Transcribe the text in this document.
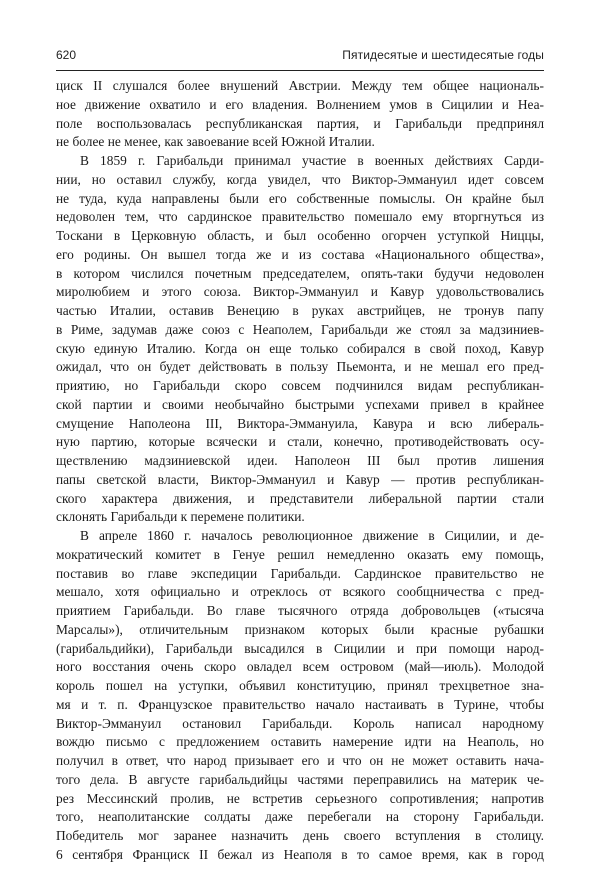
620	Пятидесятые и шестидесятые годы
циск II слушался более внушений Австрии. Между тем общее националь-
ное движение охватило и его владения. Волнением умов в Сицилии и Неа-
поле воспользовалась республиканская партия, и Гарибальди предпринял
не более не менее, как завоевание всей Южной Италии.
В 1859 г. Гарибальди принимал участие в военных действиях Сарди-
нии, но оставил службу, когда увидел, что Виктор-Эммануил идет совсем
не туда, куда направлены были его собственные помыслы. Он крайне был
недоволен тем, что сардинское правительство помешало ему вторгнуться из
Тоскани в Церковную область, и был особенно огорчен уступкой Ниццы,
его родины. Он вышел тогда же и из состава «Национального общества»,
в котором числился почетным председателем, опять-таки будучи недоволен
миролюбием и этого союза. Виктор-Эммануил и Кавур удовольствовались
частью Италии, оставив Венецию в руках австрийцев, не тронув папу
в Риме, задумав даже союз с Неаполем, Гарибальди же стоял за мадзиниев-
скую единую Италию. Когда он еще только собирался в свой поход, Кавур
ожидал, что он будет действовать в пользу Пьемонта, и не мешал его пред-
приятию, но Гарибальди скоро совсем подчинился видам республикан-
ской партии и своими необычайно быстрыми успехами привел в крайнее
смущение Наполеона III, Виктора-Эммануила, Кавура и всю либераль-
ную партию, которые всячески и стали, конечно, противодействовать осу-
ществлению мадзиниевской идеи. Наполеон III был против лишения
папы светской власти, Виктор-Эммануил и Кавур — против республикан-
ского характера движения, и представители либеральной партии стали
склонять Гарибальди к перемене политики.
В апреле 1860 г. началось революционное движение в Сицилии, и де-
мократический комитет в Генуе решил немедленно оказать ему помощь,
поставив во главе экспедиции Гарибальди. Сардинское правительство не
мешало, хотя официально и отреклось от всякого сообщничества с пред-
приятием Гарибальди. Во главе тысячного отряда добровольцев («тысяча
Марсалы»), отличительным признаком которых были красные рубашки
(гарибальдийки), Гарибальди высадился в Сицилии и при помощи народ-
ного восстания очень скоро овладел всем островом (май—июль). Молодой
король пошел на уступки, объявил конституцию, принял трехцветное зна-
мя и т. п. Французское правительство начало настаивать в Турине, чтобы
Виктор-Эммануил остановил Гарибальди. Король написал народному
вождю письмо с предложением оставить намерение идти на Неаполь, но
получил в ответ, что народ призывает его и что он не может оставить нача-
того дела. В августе гарибальдийцы частями переправились на материк че-
рез Мессинский пролив, не встретив серьезного сопротивления; напротив
того, неаполитанские солдаты даже перебегали на сторону Гарибальди.
Победитель мог заранее назначить день своего вступления в столицу.
6 сентября Франциск II бежал из Неаполя в то самое время, как в город
